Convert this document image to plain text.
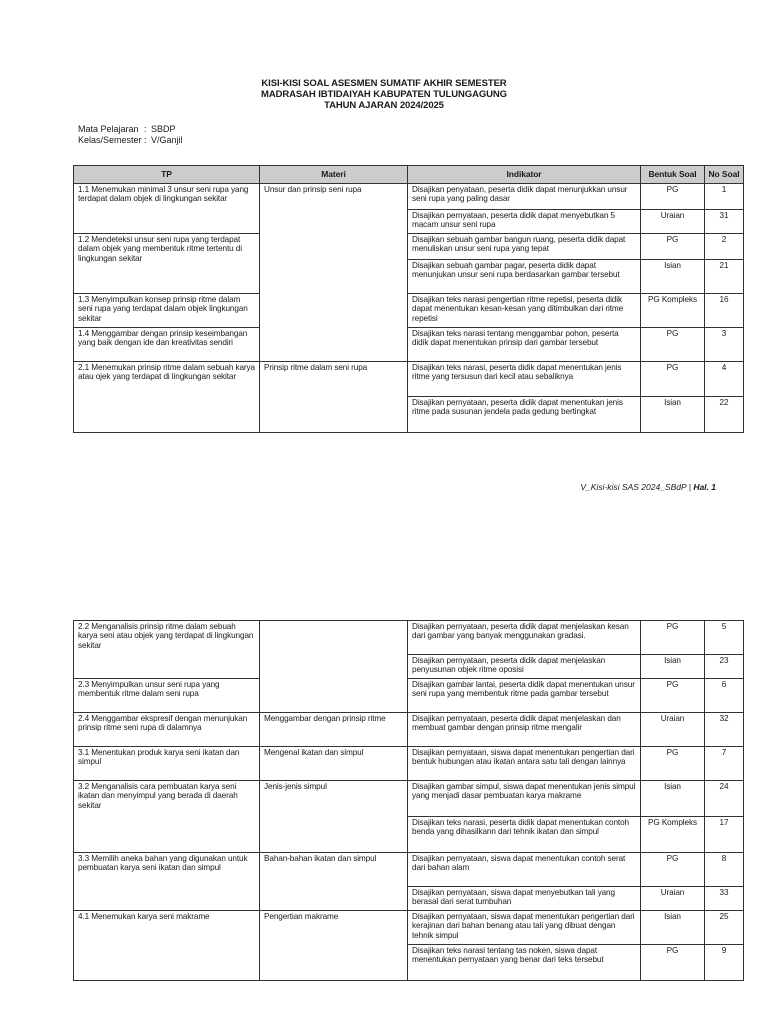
KISI-KISI SOAL ASESMEN SUMATIF AKHIR SEMESTER
MADRASAH IBTIDAIYAH KABUPATEN TULUNGAGUNG
TAHUN AJARAN 2024/2025
Mata Pelajaran : SBDP
Kelas/Semester : V/Ganjil
TP	Materi	Indikator	Bentuk Soal	No Soal
1.1 Menemukan minimal 3 unsur seni rupa yang terdapat dalam objek di lingkungan sekitar	Unsur dan prinsip seni rupa	Disajikan penyataan, peserta didik dapat menunjukkan unsur seni rupa yang paling dasar	PG	1
		Disajikan pernyataan, peserta didik dapat menyebutkan 5 macam unsur seni rupa	Uraian	31
1.2 Mendeteksi unsur seni rupa yang terdapat dalam objek yang membentuk ritme tertentu di lingkungan sekitar		Disajikan sebuah gambar bangun ruang, peserta didik dapat menuliskan unsur seni rupa yang tepat	PG	2
		Disajikan sebuah gambar pagar, peserta didik dapat menunjukan unsur seni rupa berdasarkan gambar tersebut	Isian	21
1.3 Menyimpulkan konsep prinsip ritme dalam seni rupa yang terdapat dalam objek lingkungan sekitar		Disajikan teks narasi pengertian ritme repetisi, peserta didik dapat menentukan kesan-kesan yang ditimbulkan dari ritme repetisi	PG Kompleks	16
1.4 Menggambar dengan prinsip keseimbangan yang baik dengan ide dan kreativitas sendiri		Disajikan teks narasi tentang menggambar pohon, peserta didik dapat menentukan prinsip dari gambar tersebut	PG	3
2.1 Menemukan prinsip ritme dalam sebuah karya atau ojek yang terdapat di lingkungan sekitar	Prinsip ritme dalam seni rupa	Disajikan teks narasi, peserta didik dapat menentukan jenis ritme yang tersusun dari kecil atau sebaliknya	PG	4
		Disajikan pernyataan, peserta didik dapat menentukan jenis ritme pada susunan jendela pada gedung bertingkat	Isian	22
V_Kisi-kisi SAS 2024_SBdP | Hal. 1
2.2 Menganalisis prinsip ritme dalam sebuah karya seni atau objek yang terdapat di lingkungan sekitar		Disajikan pernyataan, peserta didik dapat menjelaskan kesan dari gambar yang banyak menggunakan gradasi.	PG	5
		Disajikan pernyataan, peserta didik dapat menjelaskan penyusunan objek ritme oposisi	Isian	23
2.3 Menyimpulkan unsur seni rupa yang membentuk ritme dalam seni rupa		Disajikan gambar lantai, peserta didik dapat menentukan unsur seni rupa yang membentuk ritme pada gambar tersebut	PG	6
2.4 Menggambar ekspresif dengan menunjukan prinsip ritme seni rupa di dalamnya	Menggambar dengan prinsip ritme	Disajikan pernyataan, peserta didik dapat menjelaskan dan membuat gambar dengan prinsip ritme mengalir	Uraian	32
3.1 Menentukan produk karya seni ikatan dan simpul	Mengenal ikatan dan simpul	Disajikan pernyataan, siswa dapat menentukan pengertian dari bentuk hubungan atau ikatan antara satu tali dengan lainnya	PG	7
3.2 Menganalisis cara pembuatan karya seni ikatan dan menyimpul yang berada di daerah sekitar	Jenis-jenis simpul	Disajikan gambar simpul, siswa dapat menentukan jenis simpul yang menjadi dasar pembuatan karya makrame	Isian	24
		Disajikan teks narasi, peserta didik dapat menentukan contoh benda yang dihasilkann dari tehnik ikatan dan simpul	PG Kompleks	17
3.3 Memilih aneka bahan yang digunakan untuk pembuatan karya seni ikatan dan simpul	Bahan-bahan ikatan dan simpul	Disajikan pernyataan, siswa dapat menentukan contoh serat dari bahan alam	PG	8
		Disajikan pernyataan, siswa dapat menyebutkan tali yang berasal dari serat tumbuhan	Uraian	33
4.1 Menemukan karya seni makrame	Pengertian makrame	Disajikan pernyataan, siswa dapat menentukan pengertian dari kerajinan dari bahan benang atau tali yang dibuat dengan tehnik simpul	Isian	25
		Disajikan teks narasi tentang tas noken, siswa dapat menentukan pernyataan yang benar dari teks tersebut	PG	9
